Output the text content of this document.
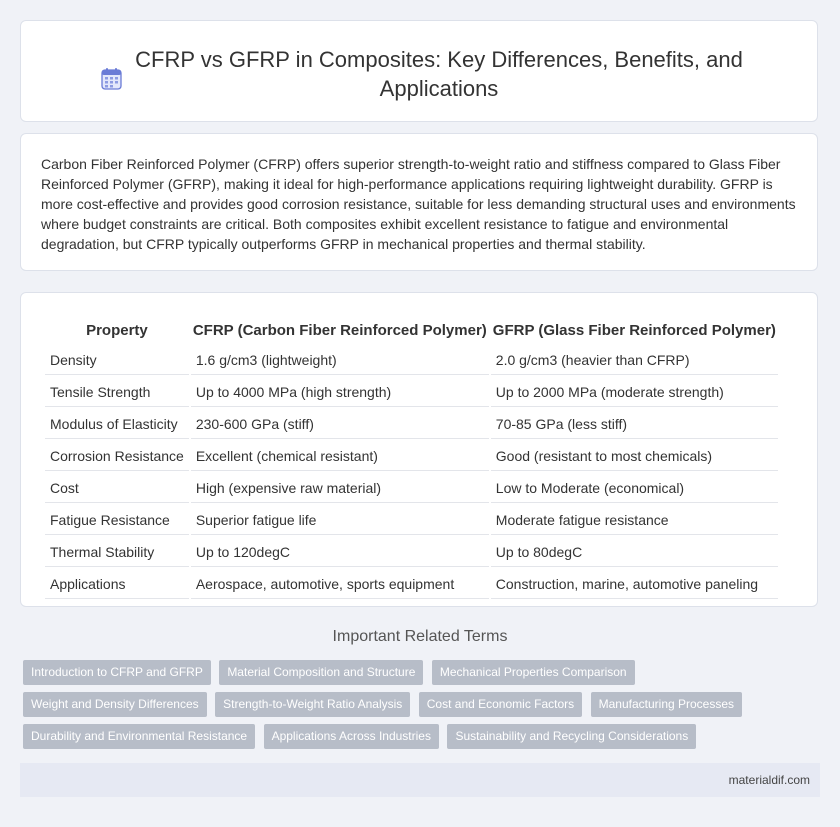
CFRP vs GFRP in Composites: Key Differences, Benefits, and Applications

Carbon Fiber Reinforced Polymer (CFRP) offers superior strength-to-weight ratio and stiffness compared to Glass Fiber Reinforced Polymer (GFRP), making it ideal for high-performance applications requiring lightweight durability. GFRP is more cost-effective and provides good corrosion resistance, suitable for less demanding structural uses and environments where budget constraints are critical. Both composites exhibit excellent resistance to fatigue and environmental degradation, but CFRP typically outperforms GFRP in mechanical properties and thermal stability.

Property	CFRP (Carbon Fiber Reinforced Polymer)	GFRP (Glass Fiber Reinforced Polymer)
Density	1.6 g/cm3 (lightweight)	2.0 g/cm3 (heavier than CFRP)
Tensile Strength	Up to 4000 MPa (high strength)	Up to 2000 MPa (moderate strength)
Modulus of Elasticity	230-600 GPa (stiff)	70-85 GPa (less stiff)
Corrosion Resistance	Excellent (chemical resistant)	Good (resistant to most chemicals)
Cost	High (expensive raw material)	Low to Moderate (economical)
Fatigue Resistance	Superior fatigue life	Moderate fatigue resistance
Thermal Stability	Up to 120degC	Up to 80degC
Applications	Aerospace, automotive, sports equipment	Construction, marine, automotive paneling
Important Related Terms
Introduction to CFRP and GFRP Material Composition and Structure Mechanical Properties Comparison Weight and Density Differences Strength-to-Weight Ratio Analysis Cost and Economic Factors Manufacturing Processes Durability and Environmental Resistance Applications Across Industries Sustainability and Recycling Considerations
materialdif.com
